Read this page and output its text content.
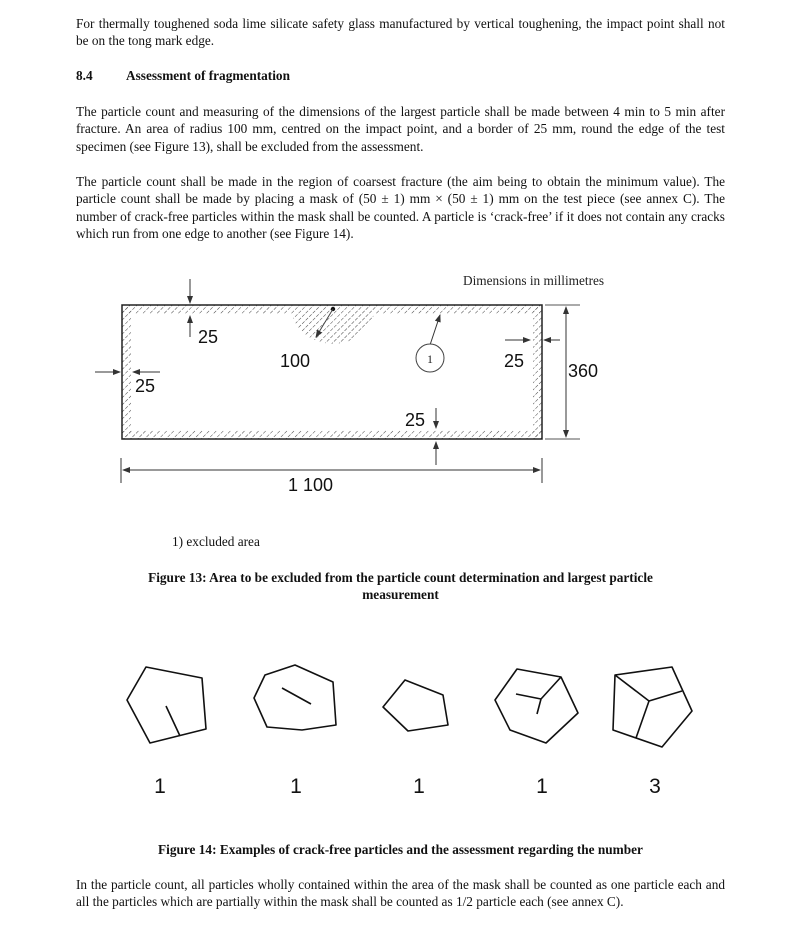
For thermally toughened soda lime silicate safety glass manufactured by vertical toughening, the impact point shall not be on the tong mark edge.

8.4	Assessment of fragmentation

The particle count and measuring of the dimensions of the largest particle shall be made between 4 min to 5 min after fracture. An area of radius 100 mm, centred on the impact point, and a border of 25 mm, round the edge of the test specimen (see Figure 13), shall be excluded from the assessment.

The particle count shall be made in the region of coarsest fracture (the aim being to obtain the minimum value). The particle count shall be made by placing a mask of (50 ± 1) mm × (50 ± 1) mm on the test piece (see annex C). The number of crack-free particles within the mask shall be counted. A particle is ‘crack-free’ if it does not contain any cracks which run from one edge to another (see Figure 14).

Dimensions in millimetres
25
100
25
1	25 360
25
1 100
1) excluded area
Figure 13: Area to be excluded from the particle count determination and largest particle
measurement
1	1	1	1	3
Figure 14: Examples of crack-free particles and the assessment regarding the number

In the particle count, all particles wholly contained within the area of the mask shall be counted as one particle each and all the particles which are partially within the mask shall be counted as 1/2 particle each (see annex C).
